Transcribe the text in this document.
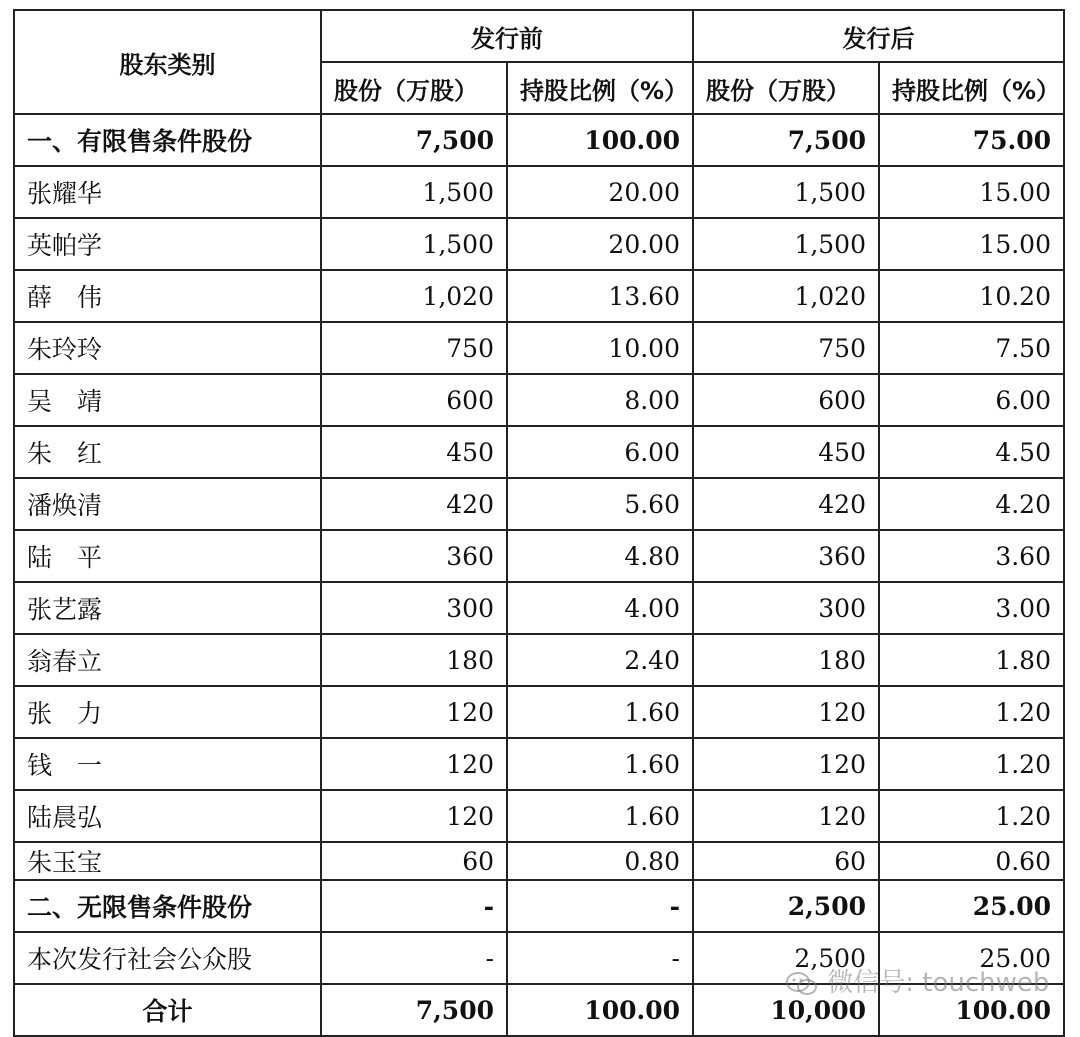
股东类别	发行前		发行后	
	股份（万股）	持股比例（%）	股份（万股）	持股比例（%）
一、有限售条件股份	7,500	100.00	7,500	75.00
张耀华	1,500	20.00	1,500	15.00
英帕学	1,500	20.00	1,500	15.00
薛　伟	1,020	13.60	1,020	10.20
朱玲玲	750	10.00	750	7.50
吴　靖	600	8.00	600	6.00
朱　红	450	6.00	450	4.50
潘焕清	420	5.60	420	4.20
陆　平	360	4.80	360	3.60
张艺露	300	4.00	300	3.00
翁春立	180	2.40	180	1.80
张　力	120	1.60	120	1.20
钱　一	120	1.60	120	1.20
陆晨弘	120	1.60	120	1.20
朱玉宝	60	0.80	60	0.60
二、无限售条件股份	-	-	2,500	25.00
本次发行社会公众股	-	-	2,500	25.00
合计	7,500	100.00	10,000	100.00
微信号: touchweb
